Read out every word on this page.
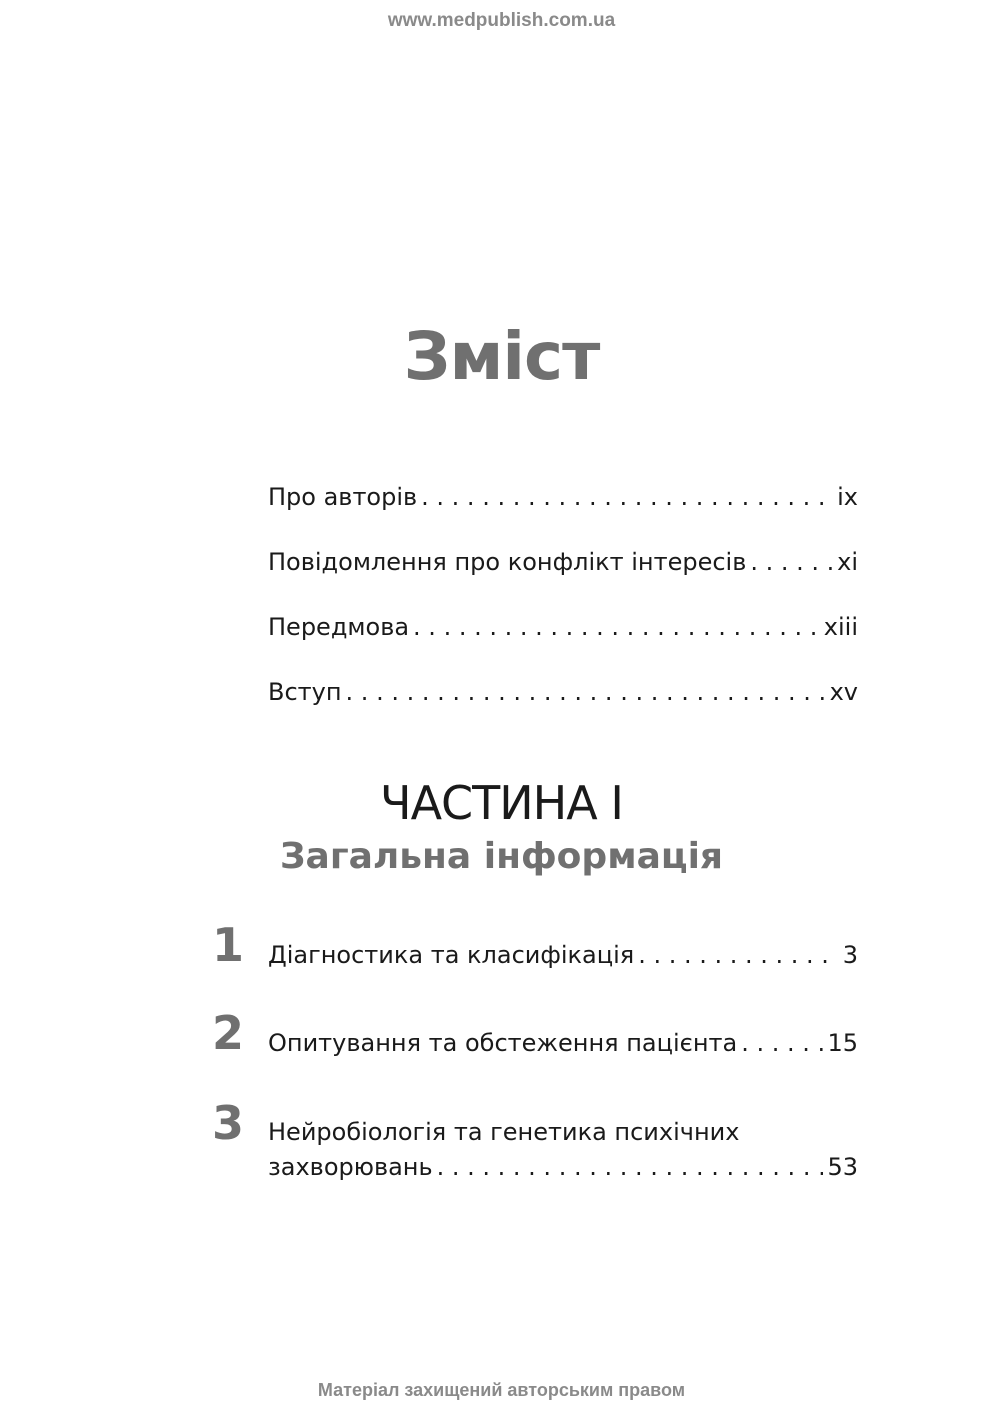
www.medpublish.com.ua
Зміст
Про авторів . . .	ix
Повідомлення про конфлікт інтересів . . .	xi
Передмова . . .	xiii
Вступ . . .	xv
ЧАСТИНА I
Загальна інформація
1 Діагностика та класифікація . . .	3
2 Опитування та обстеження пацієнта . . .	15
3 Нейробіологія та генетика психічних
захворювань . . .	53
Матеріал захищений авторським правом
